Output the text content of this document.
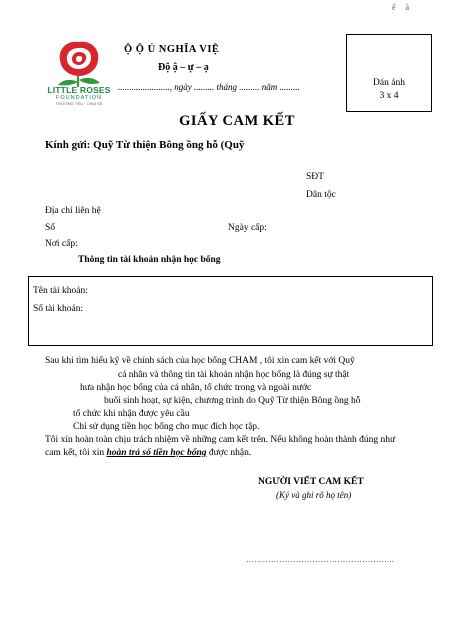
ế ã
LITTLE ROSES
FOUNDATION
THƯƠNG YÊU · CHIA SẺ
Ộ Ộ Ủ NGHĨA VIỆ
Độ ậ – ự – ạ
......................., ngày ......... tháng ......... năm .........	Dán ảnh
3 x 4
GIẤY CAM KẾT
Kính gửi: Quỹ Từ thiện Bông ồng hỗ (Quỹ
SĐT
Dân tộc
Địa chỉ liên hệ
Số	Ngày cấp:
Nơi cấp:
Thông tin tài khoản nhận học bổng
Tên tài khoản:
Số tài khoản:
Sau khi tìm hiểu kỹ về chính sách của học bổng CHAM , tôi xin cam kết với Quỹ
cá nhân và thông tin tài khoản nhận học bổng là đúng sự thật
hưa nhận học bổng của cá nhân, tổ chức trong và ngoài nước
buổi sinh hoạt, sự kiện, chương trình do Quỹ Từ thiện Bông ồng hỗ
tổ chức khi nhận được yêu cầu
Chỉ sử dụng tiền học bổng cho mục đích học tập.
Tôi xin hoàn toàn chịu trách nhiệm về những cam kết trên. Nếu không hoàn thành đúng như
cam kết, tôi xin hoàn trả số tiền học bổng được nhận.
NGƯỜI VIẾT CAM KẾT
(Ký và ghi rõ họ tên)
……………………………………………...
